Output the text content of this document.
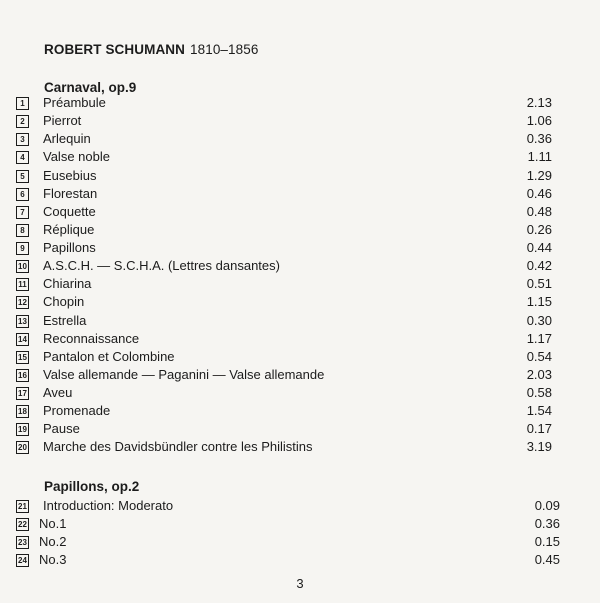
ROBERT SCHUMANN 1810–1856
Carnaval, op.9
1	Préambule	2.13
2	Pierrot	1.06
3	Arlequin	0.36
4	Valse noble	1.11
5	Eusebius	1.29
6	Florestan	0.46
7	Coquette	0.48
8	Réplique	0.26
9	Papillons	0.44
10 A.S.C.H. — S.C.H.A. (Lettres dansantes)	0.42
11 Chiarina	0.51
12 Chopin	1.15
13 Estrella	0.30
14 Reconnaissance	1.17
15 Pantalon et Colombine	0.54
16 Valse allemande — Paganini — Valse allemande	2.03
17 Aveu	0.58
18 Promenade	1.54
19 Pause	0.17
20 Marche des Davidsbündler contre les Philistins	3.19
Papillons, op.2
21 Introduction: Moderato	0.09
22 No.1	0.36
23 No.2	0.15
24 No.3	0.45
3
